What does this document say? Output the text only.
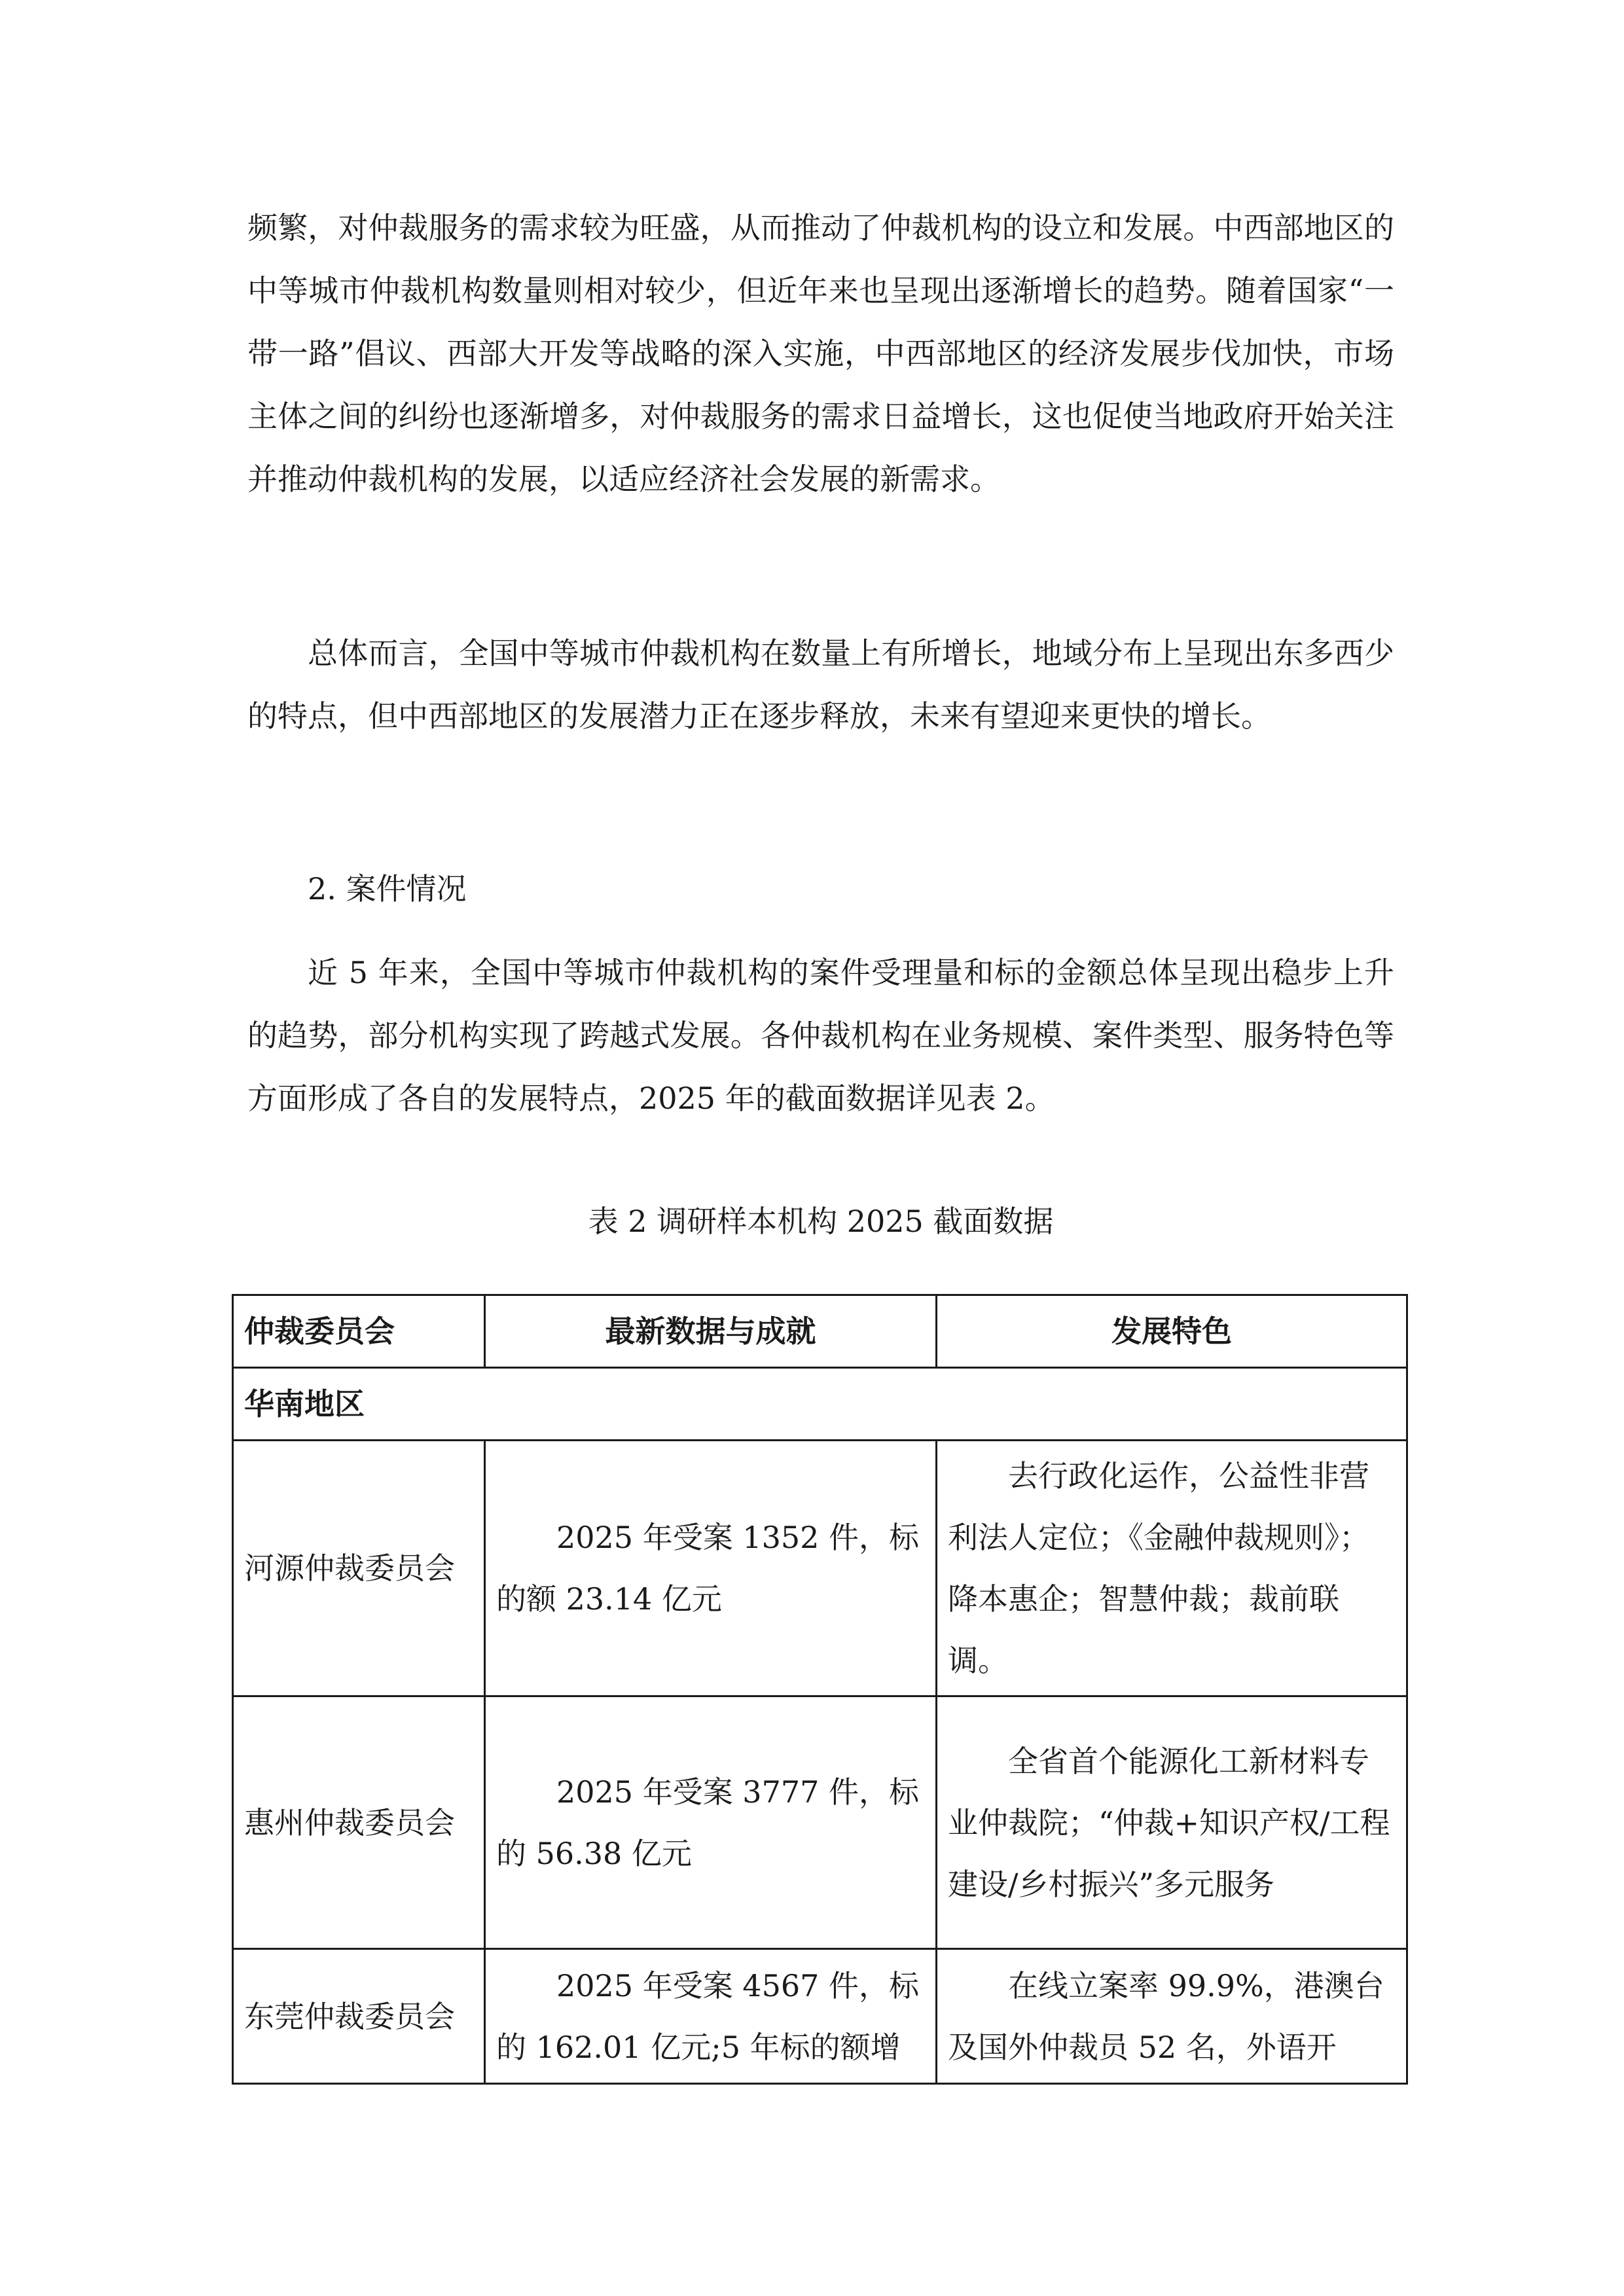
频繁，对仲裁服务的需求较为旺盛，从而推动了仲裁机构的设立和发展。中西部地区的中等城市仲裁机构数量则相对较少，但近年来也呈现出逐渐增长的趋势。随着国家“一带一路”倡议、西部大开发等战略的深入实施，中西部地区的经济发展步伐加快，市场主体之间的纠纷也逐渐增多，对仲裁服务的需求日益增长，这也促使当地政府开始关注并推动仲裁机构的发展，以适应经济社会发展的新需求。

总体而言，全国中等城市仲裁机构在数量上有所增长，地域分布上呈现出东多西少的特点，但中西部地区的发展潜力正在逐步释放，未来有望迎来更快的增长。

2. 案件情况

近 5 年来，全国中等城市仲裁机构的案件受理量和标的金额总体呈现出稳步上升的趋势，部分机构实现了跨越式发展。各仲裁机构在业务规模、案件类型、服务特色等方面形成了各自的发展特点，2025 年的截面数据详见表 2。

表 2 调研样本机构 2025 截面数据

仲裁委员会	最新数据与成就	发展特色
华南地区		
河源仲裁委员会	2025 年受案 1352 件，标的额 23.14 亿元	去行政化运作，公益性非营利法人定位；《金融仲裁规则》；降本惠企；智慧仲裁；裁前联调。

惠州仲裁委员会	2025 年受案 3777 件，标的 56.38 亿元	全省首个能源化工新材料专业仲裁院；“仲裁+知识产权/工程建设/乡村振兴”多元服务

东莞仲裁委员会	2025 年受案 4567 件，标的 162.01 亿元;5 年标的额增	在线立案率 99.9%，港澳台及国外仲裁员 52 名，外语开
